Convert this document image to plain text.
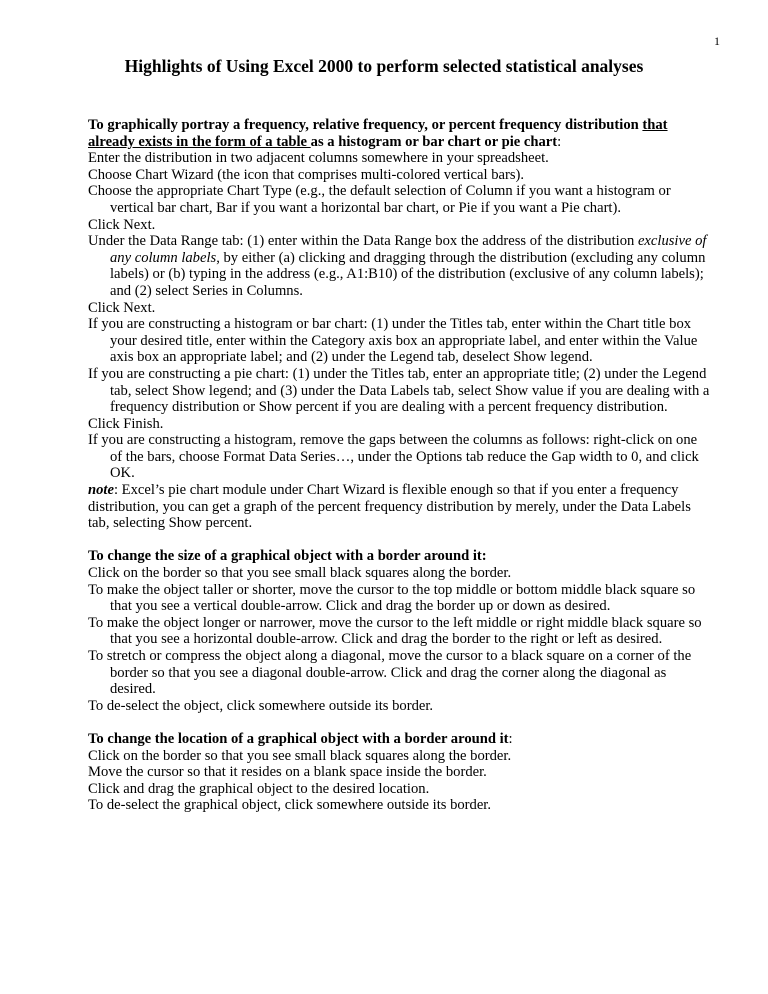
1
Highlights of Using Excel 2000 to perform selected statistical analyses

To graphically portray a frequency, relative frequency, or percent frequency distribution that already exists in the form of a table as a histogram or bar chart or pie chart:

Enter the distribution in two adjacent columns somewhere in your spreadsheet.

Choose Chart Wizard (the icon that comprises multi-colored vertical bars).

Choose the appropriate Chart Type (e.g., the default selection of Column if you want a histogram or vertical bar chart, Bar if you want a horizontal bar chart, or Pie if you want a Pie chart).

Click Next.

Under the Data Range tab: (1) enter within the Data Range box the address of the distribution exclusive of any column labels, by either (a) clicking and dragging through the distribution (excluding any column labels) or (b) typing in the address (e.g., A1:B10) of the distribution (exclusive of any column labels); and (2) select Series in Columns.

Click Next.

If you are constructing a histogram or bar chart: (1) under the Titles tab, enter within the Chart title box your desired title, enter within the Category axis box an appropriate label, and enter within the Value axis box an appropriate label; and (2) under the Legend tab, deselect Show legend.

If you are constructing a pie chart: (1) under the Titles tab, enter an appropriate title; (2) under the Legend tab, select Show legend; and (3) under the Data Labels tab, select Show value if you are dealing with a frequency distribution or Show percent if you are dealing with a percent frequency distribution.

Click Finish.

If you are constructing a histogram, remove the gaps between the columns as follows: right-click on one of the bars, choose Format Data Series…, under the Options tab reduce the Gap width to 0, and click OK.

note: Excel’s pie chart module under Chart Wizard is flexible enough so that if you enter a frequency distribution, you can get a graph of the percent frequency distribution by merely, under the Data Labels tab, selecting Show percent.

To change the size of a graphical object with a border around it:

Click on the border so that you see small black squares along the border.

To make the object taller or shorter, move the cursor to the top middle or bottom middle black square so that you see a vertical double-arrow. Click and drag the border up or down as desired.

To make the object longer or narrower, move the cursor to the left middle or right middle black square so that you see a horizontal double-arrow. Click and drag the border to the right or left as desired.

To stretch or compress the object along a diagonal, move the cursor to a black square on a corner of the border so that you see a diagonal double-arrow. Click and drag the corner along the diagonal as desired.

To de-select the object, click somewhere outside its border.

To change the location of a graphical object with a border around it:

Click on the border so that you see small black squares along the border.

Move the cursor so that it resides on a blank space inside the border.

Click and drag the graphical object to the desired location.

To de-select the graphical object, click somewhere outside its border.
